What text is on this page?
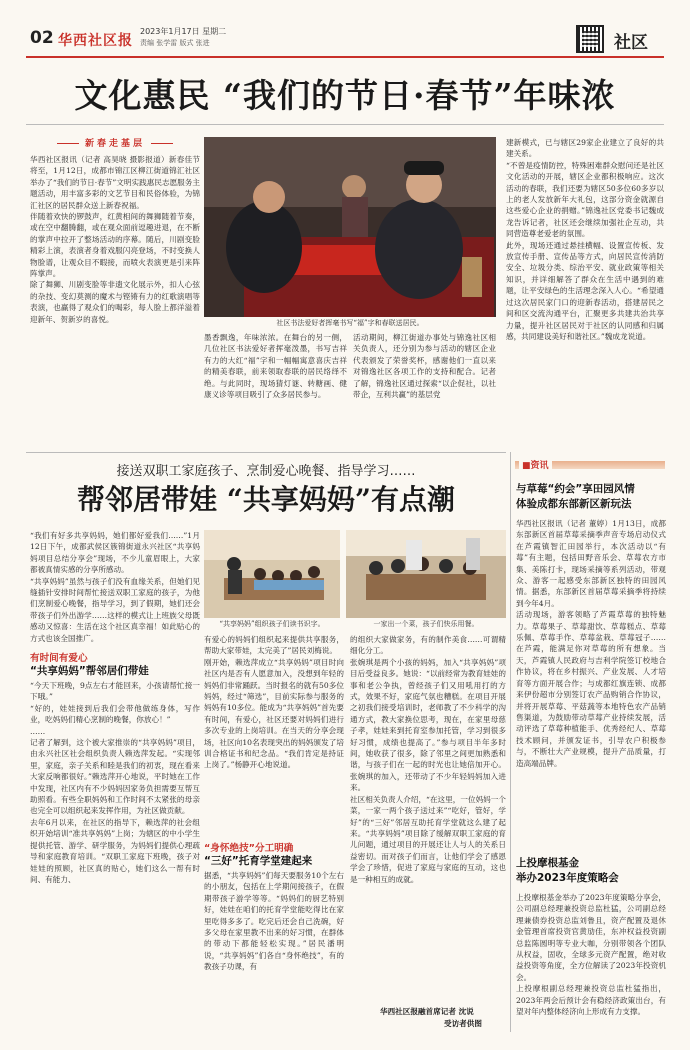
02 华西社区报
2023年1月17日 星期二
责编 张学雷 版式 张进	社区
文化惠民 “我们的节日·春节”年味浓
新春走基层
华西社区报讯（记者 高昊晓 摄影报道）新春佳节将至，1月12日，成都市锦江区柳江街道锦汇社区举办了“我们的节日·春节”文明实践惠民志愿服务主题活动，用丰富多彩的文艺节目和民俗体验，为锦汇社区的居民群众送上新春祝福。
伴随着欢快的锣鼓声，红黄相间的舞狮随着节奏，或在空中翻腾翻，或在观众面前逗趣进退，在不断的掌声中拉开了整场活动的序幕。随后，川剧变脸精彩上演，表演者身着戏服闪亮登场，不时变换人物脸谱，让观众目不暇接，而喷火表演更是引来阵阵掌声。
除了舞狮、川剧变脸等非遗文化展示外，扣人心弦的杂技、变幻莫测的魔术与铿锵有力的红歌演唱等表演，也赢得了观众们的喝彩，每人脸上都洋溢着迎新年、贺新岁的喜悦。	社区书法爱好者挥毫书写“福”字和春联送居民。
墨香飘逸，年味浓浓。在舞台的另一侧，几位社区书法爱好者挥毫泼墨，书写吉祥有力的大红“福”字和一幅幅寓意喜庆吉祥的精美春联，前来领取春联的居民络绎不绝。与此同时，现场猜灯谜、转糖画、健康义诊等项目吸引了众多居民参与。
活动期间，柳江街道办事处与锦逸社区相关负责人，还分别为参与活动的辖区企业代表颁发了荣誉奖杯，感谢他们一直以来对锦逸社区各项工作的支持和配合。记者了解，锦逸社区通过探索“以企促社，以社带企，互利共赢”的基层党
建新模式，已与辖区29家企业建立了良好的共建关系。
“不曾是疫情防控，特殊困难群众慰问还是社区文化活动的开展，辖区企业都积极响应。这次活动的春联，我们还要为辖区50多位60多岁以上的老人发放新年大礼包，这部分资金就源自这些爱心企业的捐赠。”锦逸社区党委书记魏成龙告诉记者，社区还会继续加强社企互动，共同营造尊老爱老的氛围。
此外，现场还通过悬挂横幅、设置宣传板、发放宣传手册、宣传品等方式，向居民宣传消防安全、垃圾分类、综治平安、就业政策等相关知识，并详细解答了群众在生活中遇到的难题，让平安绿色的生活理念深入人心。“希望通过这次居民家门口的迎新春活动，搭建居民之间和区交流沟通平台，汇聚更多共建共治共享力量，提升社区居民对于社区的认同感和归属感，共同建设美好和谐社区。”魏成龙说道。
接送双职工家庭孩子、烹制爱心晚餐、指导学习……
帮邻居带娃 “共享妈妈”有点潮
“我们有好多共享妈妈，她们都好爱我们……”1月12日下午，成都武侯区簇锦街道永兴社区“共享妈妈项目总结分享会”现场，不少儿童眉眼上，大家都被真情实感的分享所感动。
“共享妈妈”虽然与孩子们没有血缘关系，但她们见缝插针安排时间帮忙接送双职工家庭的孩子，为他们烹制爱心晚餐，指导学习，到了假期，她们还会带孩子们外出游学……这样的模式让上班族父母既感动又惊喜：生活在这个社区真幸福！如此贴心的方式也该全国推广。
有时间有爱心
“共享妈妈”帮邻居们带娃
“今天下班晚，9点左右才能回来，小孩请帮忙接一下哦。”
“好的，娃娃接到后我们会带他做练身体，写作业，吃妈妈们精心烹制的晚餐，你放心！”
……
记者了解到，这个被大家推崇的“共享妈妈”项目，由永兴社区社会组织负责人赖选萍发起。“实现邻里，家庭，亲子关系和睦是我们的初衷，现在看来大家反响都很好。”赖选萍开心地说，平时她在工作中发现，社区内有不少妈妈因家务负担需要互帮互助照看。有些全职妈妈和工作时间不太紧张的母亲也完全可以组织起来发挥作用，为社区做贡献。
去年6月以来，在社区的指导下，赖选萍的社会组织开始培训“准共享妈妈”上岗；为辖区的中小学生提供托管、游学、研学服务，为妈妈们提供心理疏导和家庭教育培训。“双职工家庭下班晚，孩子对娃娃的照顾，社区真的贴心，她们这么一帮有时间、有能力、
“共享妈妈”组织孩子们读书识字。	一家出一个菜，孩子们快乐用餐。
有爱心的妈妈们组织起来提供共享服务，帮助大家带娃，太完美了”居民刘梅说。
刚开始，赖选萍成立“共享妈妈”项目时向社区内是否有人愿意加入，没想到年轻的妈妈们非常踊跃。当时报名的就有50多位妈妈，经过“筛选”，目前实际参与服务的妈妈有10多位。能成为“共享妈妈”首先要有时间，有爱心，社区还要对妈妈们进行多次专业的上岗培训。在当天的分享会现场，社区向10名表现突出的妈妈颁发了培训合格证书和纪念品。“我们肯定是持证上岗了。”杨静开心地说道。
“身怀绝技”分工明确
“三好”托育学堂建起来
据悉，“共享妈妈”们每天要服务10个左右的小朋友，包括在上学期间接孩子，在假期带孩子游学等等。“妈妈们的厨艺特别好，娃娃在咱们的托育学堂能吃得比在家里吃得多多了。吃完后还会自己洗碗，好多父母在家里教不出来的好习惯，在群体的带动下都能轻松实现。”居民潘明说，“共享妈妈”们各自“身怀绝技”，有的教孩子功课，有
的组织大家做家务，有的制作美食……可谓精细化分工。
张婉琪是两个小孩的妈妈，加入“共享妈妈”项目后受益良多。她说：“以前经常为教育娃娃的事和老公争执，曾经孩子们又用吼用打的方式，效果不好，家庭气氛也糟糕。在项目开展之初我们接受培训时，老师教了不少科学的沟通方式，教大家换位思考，现在，在家里母慈子孝，娃娃来到托育室参加托管，学习到很多好习惯，成绩也提高了。”参与项目半年多时间，她收获了很多，除了邻里之间更加熟悉和谐，与孩子们在一起的时光也让她倍加开心。张婉琪的加入，还带动了不少年轻妈妈加入进来。
社区相关负责人介绍，“在这里，一位妈妈一个菜，一家一两个孩子送过来”“吃好，管好，学好”的“三好”邻居互助托育学堂就这么建了起来。“共享妈妈”项目除了缓解双职工家庭的育儿问题，通过项目的开展还让人与人的关系日益密切。而对孩子们而言，让他们学会了感恩学会了珍惜，促进了家庭与家庭的互动，这也是一种相互的成就。
华西社区报融首席记者 沈说
受访者供图
■资讯
与草莓“约会”享田园风情
体验成都东部新区新玩法
华西社区报讯（记者 董婷）1月13日，成都东部新区首届草莓采摘季声音专场启动仪式在芦霞镇智汇田园举行，本次活动以“有莓”有主题，包括田野音乐会、草莓农方市集、美陈打卡，现场采摘等系列活动，带观众、游客一起感受东部新区独特的田园风情。据悉，东部新区首届草莓采摘季将持续到今年4月。
活动现场，游客领略了芦霞草莓的独特魅力。草莓果子、草莓甜饮、草莓糕点、草莓乐佩、草莓手作、草莓盆栽、草莓冠子……在芦霞，能满足你对草莓的所有想象。当天，芦霞镇人民政府与吉利学院签订校地合作协议，将在乡村振兴、产业发展、人才培育等方面开展合作；与成都红旗连锁、成都来伊份超市分别签订农产品购销合作协议，并将开展草莓、平菇蔬等本地特色农产品销售渠道，为鼓励带动草莓产业持续发展，活动评选了草莓种植能手、优秀经纪人、草莓技术顾问，并颁发证书，引导农户积极参与，不断壮大产业规模，提升产品质量，打造高端品牌。
上投摩根基金
举办2023年度策略会
上投摩根基金举办了2023年度策略分享会，公司副总经理兼投资总监杜猛，公司副总经理兼债券投资总监刘鲁且，资产配置及退休金管理首席投资官黄劢佳，东冲权益投资副总监陈圆明等专业大咖，分别带领各个团队从权益，固收，全球多元资产配置，绝对收益投资等角度，全方位解读了2023年投资机会。
上投摩根副总经理兼投资总监杜猛指出，2023年两会后预计会有稳经济政策出台，有望对年内整体经济向上形成有力支撑。
